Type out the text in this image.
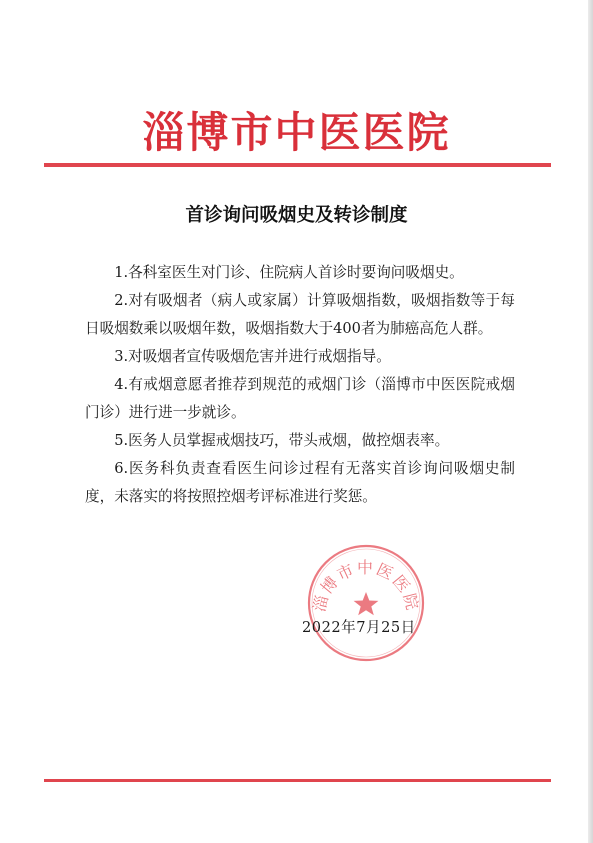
淄博市中医医院
首诊询问吸烟史及转诊制度

1.各科室医生对门诊、住院病人首诊时要询问吸烟史。

2.对有吸烟者（病人或家属）计算吸烟指数，吸烟指数等于每日吸烟数乘以吸烟年数，吸烟指数大于400者为肺癌高危人群。

3.对吸烟者宣传吸烟危害并进行戒烟指导。

4.有戒烟意愿者推荐到规范的戒烟门诊（淄博市中医医院戒烟门诊）进行进一步就诊。

5.医务人员掌握戒烟技巧，带头戒烟，做控烟表率。

6.医务科负责查看医生问诊过程有无落实首诊询问吸烟史制度，未落实的将按照控烟考评标准进行奖惩。

淄博市中医医院
2022年7月25日
